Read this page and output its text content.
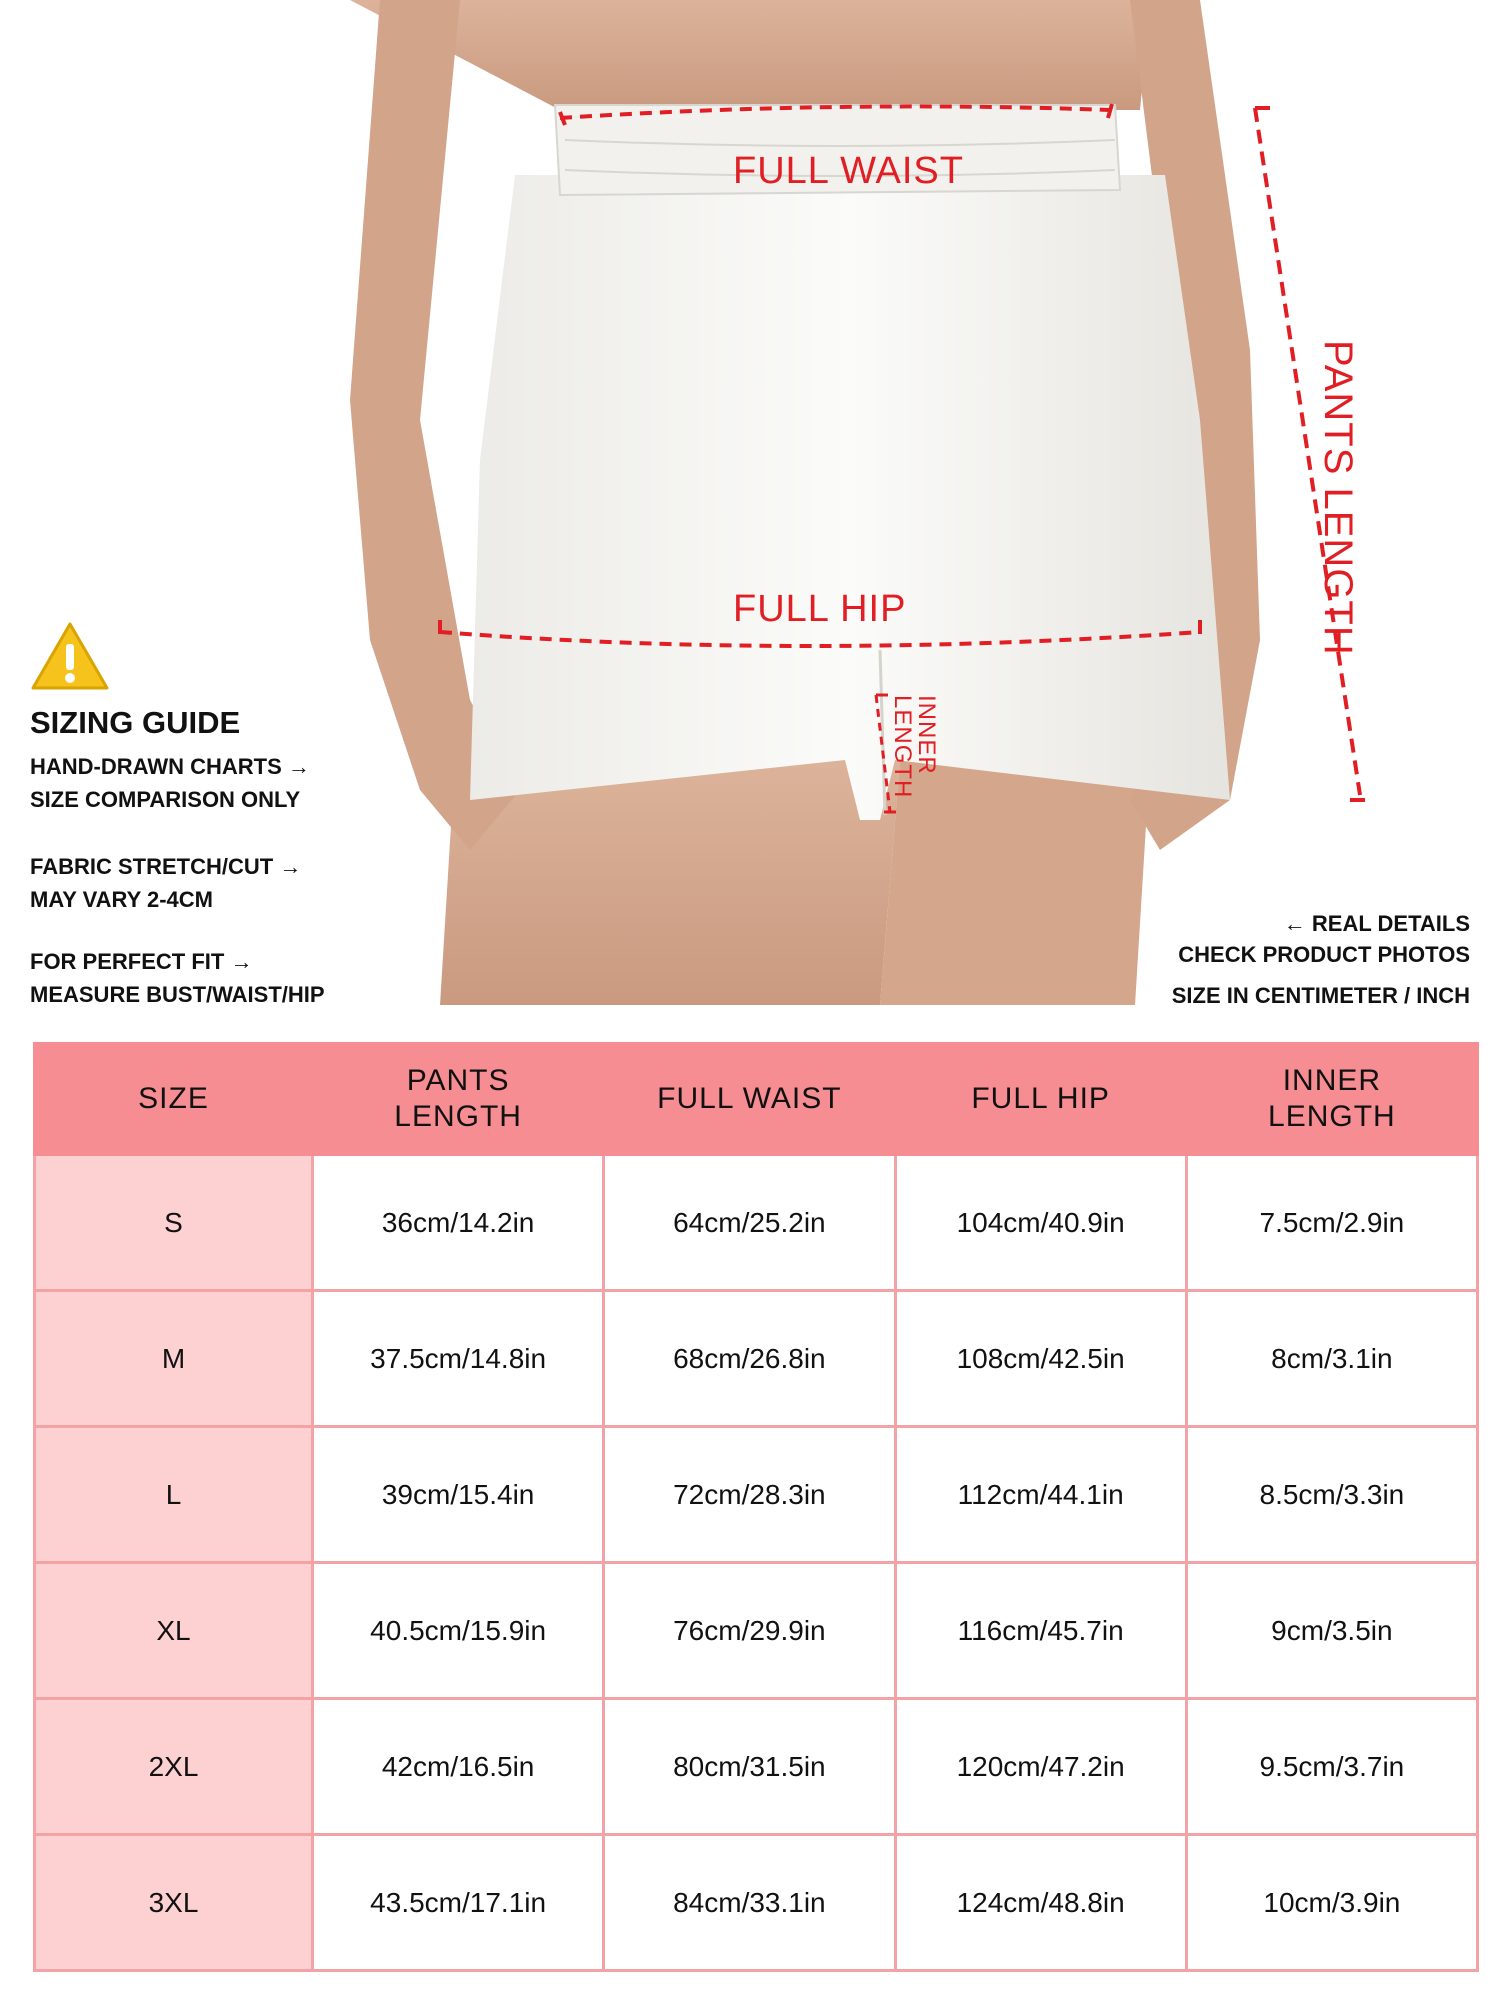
FULL WAIST
FULL HIP	PANTS LENGTH
INNER LENGTH
SIZING GUIDE
HAND-DRAWN CHARTS →
SIZE COMPARISON ONLY
FABRIC STRETCH/CUT →
MAY VARY 2-4CM
FOR PERFECT FIT →
MEASURE BUST/WAIST/HIP
← REAL DETAILS
CHECK PRODUCT PHOTOS
SIZE IN CENTIMETER / INCH
SIZE	PANTS LENGTH	FULL WAIST	FULL HIP	INNER LENGTH

S	36cm/14.2in	64cm/25.2in	104cm/40.9in	7.5cm/2.9in
M	37.5cm/14.8in	68cm/26.8in	108cm/42.5in	8cm/3.1in
L	39cm/15.4in	72cm/28.3in	112cm/44.1in	8.5cm/3.3in
XL	40.5cm/15.9in	76cm/29.9in	116cm/45.7in	9cm/3.5in
2XL	42cm/16.5in	80cm/31.5in	120cm/47.2in	9.5cm/3.7in
3XL	43.5cm/17.1in	84cm/33.1in	124cm/48.8in	10cm/3.9in
